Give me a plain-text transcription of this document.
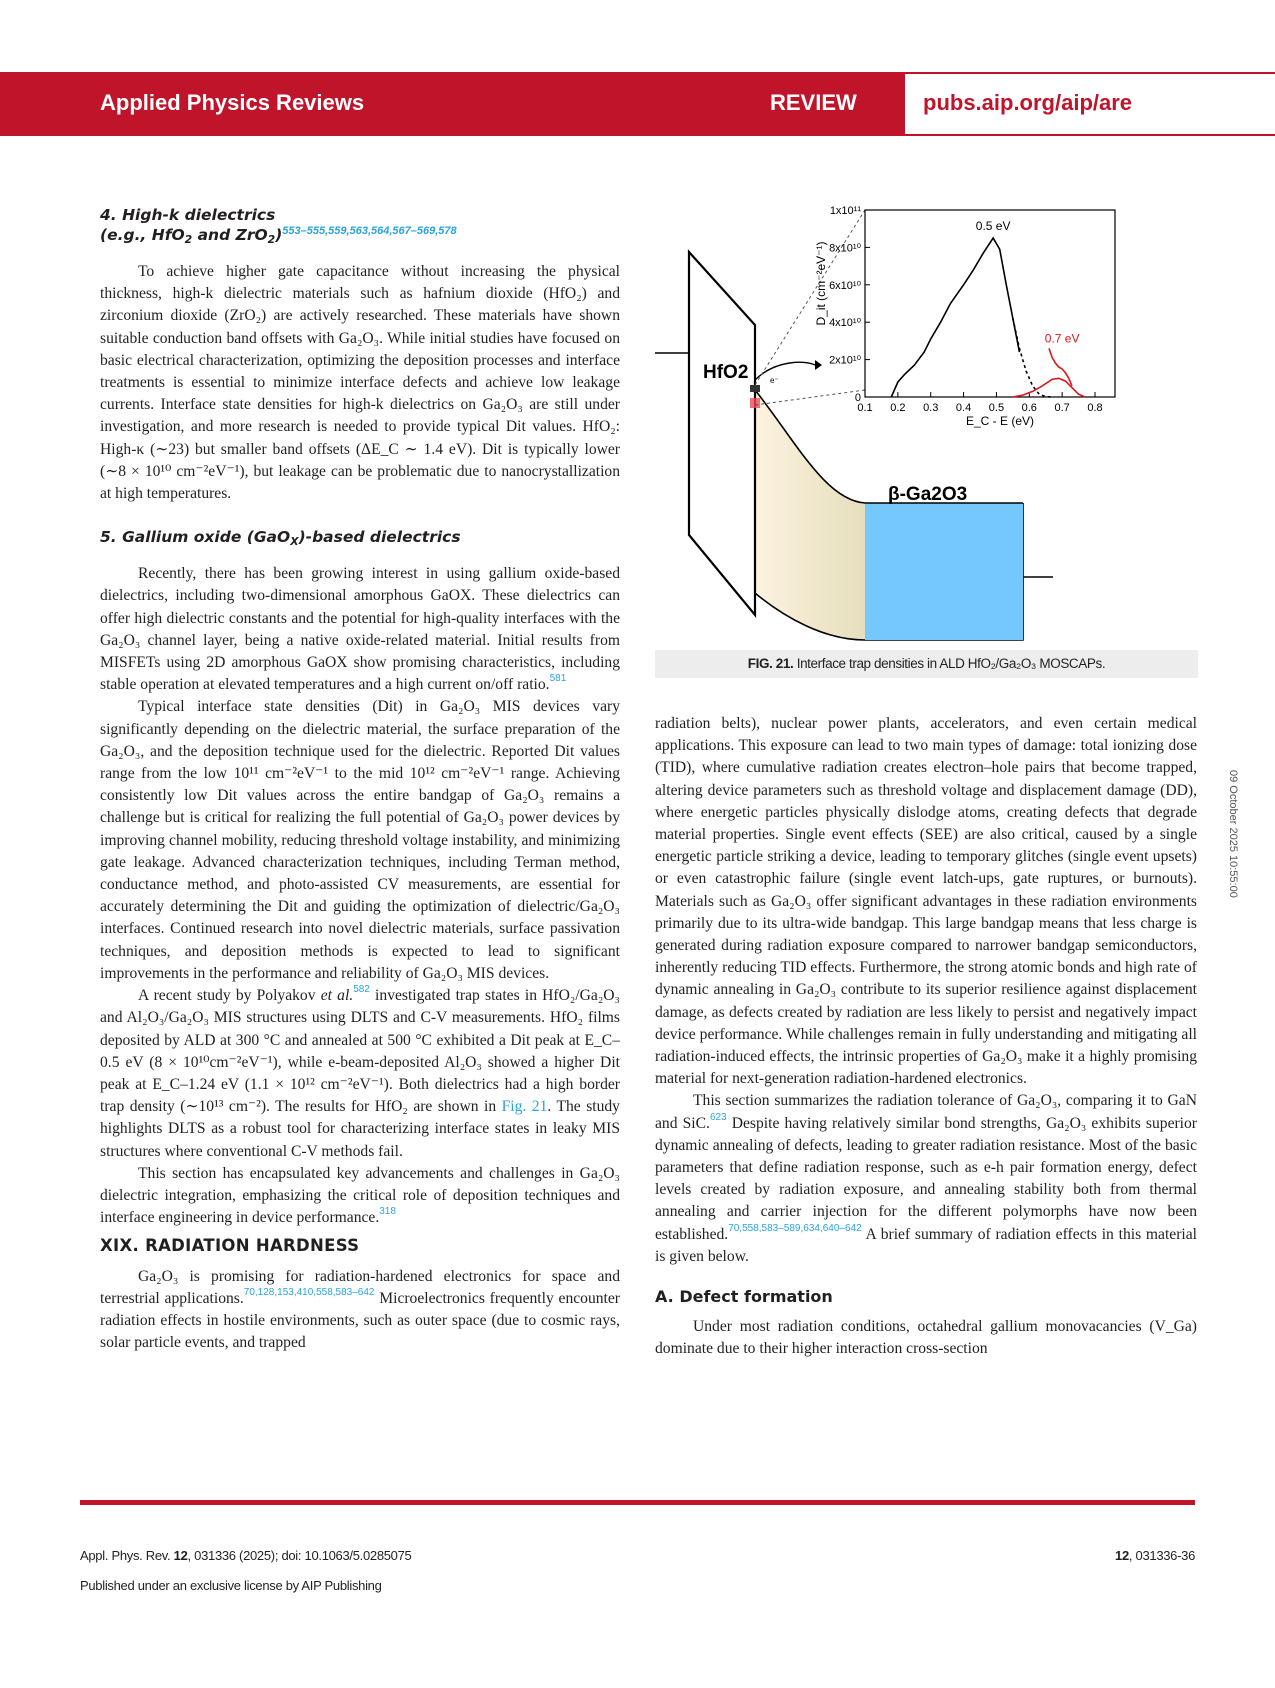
Applied Physics Reviews	REVIEW	pubs.aip.org/aip/are
4. High-k dielectrics
(e.g., HfO$_2$ and ZrO$_2$)$^{553-555,559,563,564,567-569,578}$

To achieve higher gate capacitance without increasing the physical thickness, high-k dielectric materials such as hafnium dioxide (HfO₂) and zirconium dioxide (ZrO₂) are actively researched. These materials have shown suitable conduction band offsets with Ga₂O₃. While initial studies have focused on basic electrical characterization, optimizing the deposition processes and interface treatments is essential to minimize interface defects and achieve low leakage currents. Interface state densities for high-k dielectrics on Ga₂O₃ are still under investigation, and more research is needed to provide typical Dit values. HfO₂: High-κ (∼23) but smaller band offsets (ΔE_C ∼ 1.4 eV). Dit is typically lower (∼8 × 10¹⁰ cm⁻²eV⁻¹), but leakage can be problematic due to nanocrystallization at high temperatures.

5. Gallium oxide (GaO$_X$)-based dielectrics

Recently, there has been growing interest in using gallium oxide-based dielectrics, including two-dimensional amorphous GaOX. These dielectrics can offer high dielectric constants and the potential for high-quality interfaces with the Ga₂O₃ channel layer, being a native oxide-related material. Initial results from MISFETs using 2D amorphous GaOX show promising characteristics, including stable operation at elevated temperatures and a high current on/off ratio.$^{581}$

Typical interface state densities (Dit) in Ga₂O₃ MIS devices vary significantly depending on the dielectric material, the surface preparation of the Ga₂O₃, and the deposition technique used for the dielectric. Reported Dit values range from the low 10¹¹ cm⁻²eV⁻¹ to the mid 10¹² cm⁻²eV⁻¹ range. Achieving consistently low Dit values across the entire bandgap of Ga₂O₃ remains a challenge but is critical for realizing the full potential of Ga₂O₃ power devices by improving channel mobility, reducing threshold voltage instability, and minimizing gate leakage. Advanced characterization techniques, including Terman method, conductance method, and photo-assisted CV measurements, are essential for accurately determining the Dit and guiding the optimization of dielectric/Ga₂O₃ interfaces. Continued research into novel dielectric materials, surface passivation techniques, and deposition methods is expected to lead to significant improvements in the performance and reliability of Ga₂O₃ MIS devices.

A recent study by Polyakov et al.$^{582}$ investigated trap states in HfO₂/Ga₂O₃ and Al₂O₃/Ga₂O₃ MIS structures using DLTS and C-V measurements. HfO₂ films deposited by ALD at 300 °C and annealed at 500 °C exhibited a Dit peak at E_C–0.5 eV (8 × 10¹⁰cm⁻²eV⁻¹), while e-beam-deposited Al₂O₃ showed a higher Dit peak at E_C–1.24 eV (1.1 × 10¹² cm⁻²eV⁻¹). Both dielectrics had a high border trap density (∼10¹³ cm⁻²). The results for HfO₂ are shown in Fig. 21. The study highlights DLTS as a robust tool for characterizing interface states in leaky MIS structures where conventional C-V methods fail.

This section has encapsulated key advancements and challenges in Ga₂O₃ dielectric integration, emphasizing the critical role of deposition techniques and interface engineering in device performance.$^{318}$

XIX. RADIATION HARDNESS

Ga₂O₃ is promising for radiation-hardened electronics for space and terrestrial applications.$^{70,128,153,410,558,583-642}$ Microelectronics frequently encounter radiation effects in hostile environments, such as outer space (due to cosmic rays, solar particle events, and trapped

HfO2
β-Ga2O3
e⁻
0.1 0.2 0.3 0.4 0.5 0.6 0.7 0.8
0
2x10¹⁰
4x10¹⁰
6x10¹⁰
8x10¹⁰
1x10¹¹
E_C - E (eV)
D_it (cm⁻²eV⁻¹)
0.5 eV
0.7 eV
FIG. 21. Interface trap densities in ALD HfO₂/Ga₂O₃ MOSCAPs.

radiation belts), nuclear power plants, accelerators, and even certain medical applications. This exposure can lead to two main types of damage: total ionizing dose (TID), where cumulative radiation creates electron–hole pairs that become trapped, altering device parameters such as threshold voltage and displacement damage (DD), where energetic particles physically dislodge atoms, creating defects that degrade material properties. Single event effects (SEE) are also critical, caused by a single energetic particle striking a device, leading to temporary glitches (single event upsets) or even catastrophic failure (single event latch-ups, gate ruptures, or burnouts). Materials such as Ga₂O₃ offer significant advantages in these radiation environments primarily due to its ultra-wide bandgap. This large bandgap means that less charge is generated during radiation exposure compared to narrower bandgap semiconductors, inherently reducing TID effects. Furthermore, the strong atomic bonds and high rate of dynamic annealing in Ga₂O₃ contribute to its superior resilience against displacement damage, as defects created by radiation are less likely to persist and negatively impact device performance. While challenges remain in fully understanding and mitigating all radiation-induced effects, the intrinsic properties of Ga₂O₃ make it a highly promising material for next-generation radiation-hardened electronics.

This section summarizes the radiation tolerance of Ga₂O₃, comparing it to GaN and SiC.$^{623}$ Despite having relatively similar bond strengths, Ga₂O₃ exhibits superior dynamic annealing of defects, leading to greater radiation resistance. Most of the basic parameters that define radiation response, such as e-h pair formation energy, defect levels created by radiation exposure, and annealing stability both from thermal annealing and carrier injection for the different polymorphs have now been established.$^{70,558,583-589,634,640-642}$ A brief summary of radiation effects in this material is given below.

A. Defect formation

Under most radiation conditions, octahedral gallium monovacancies (V_Ga) dominate due to their higher interaction cross-section

09 October 2025 10:55:00
Appl. Phys. Rev. 12, 031336 (2025); doi: 10.1063/5.0285075
Published under an exclusive license by AIP Publishing
12, 031336-36
